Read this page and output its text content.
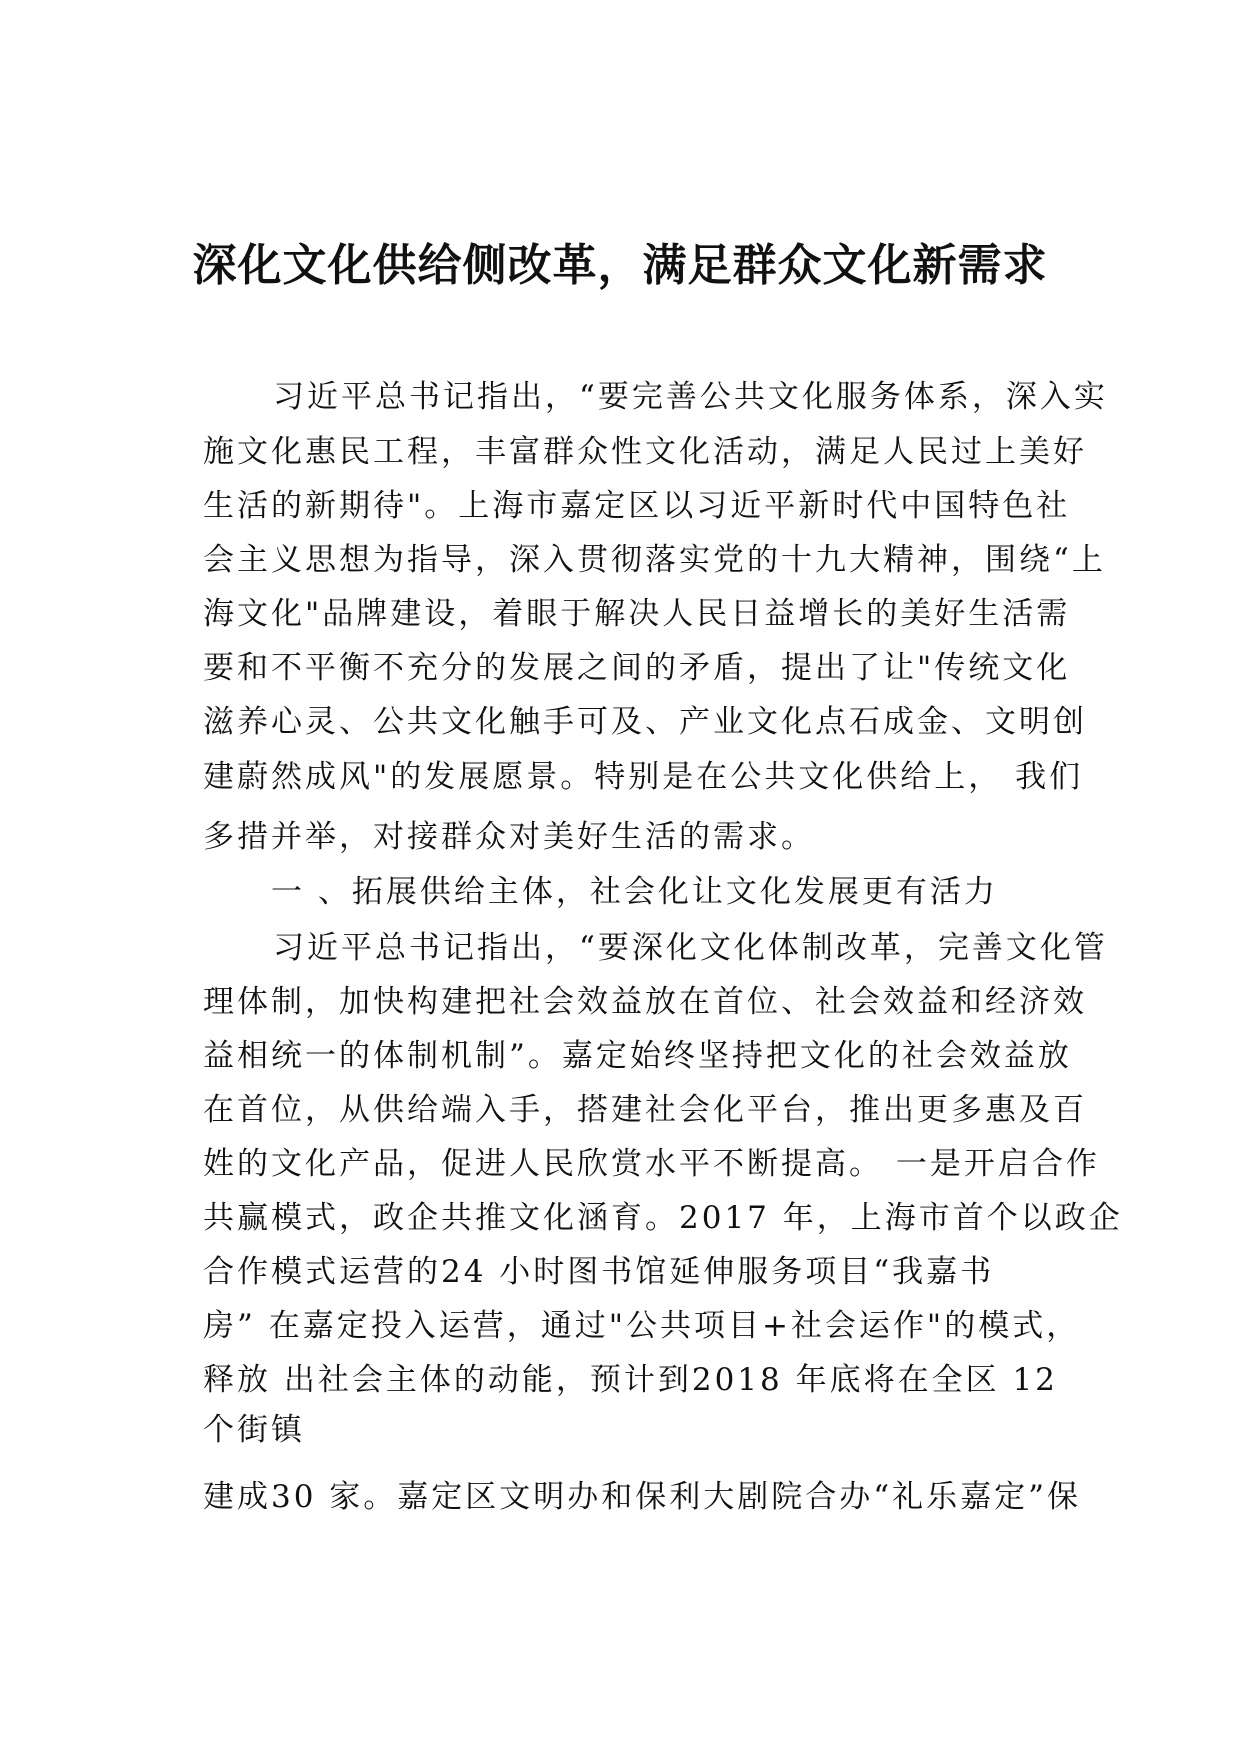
深化文化供给侧改革，满足群众文化新需求
习近平总书记指出，“要完善公共文化服务体系，深入实
施文化惠民工程，丰富群众性文化活动，满足人民过上美好
生活的新期待"。上海市嘉定区以习近平新时代中国特色社
会主义思想为指导，深入贯彻落实党的十九大精神，围绕“上
海文化"品牌建设，着眼于解决人民日益增长的美好生活需
要和不平衡不充分的发展之间的矛盾，提出了让"传统文化
滋养心灵、公共文化触手可及、产业文化点石成金、文明创
建蔚然成风"的发展愿景。特别是在公共文化供给上， 我们
多措并举，对接群众对美好生活的需求。
一 、拓展供给主体，社会化让文化发展更有活力
习近平总书记指出，“要深化文化体制改革，完善文化管
理体制，加快构建把社会效益放在首位、社会效益和经济效
益相统一的体制机制”。嘉定始终坚持把文化的社会效益放
在首位，从供给端入手，搭建社会化平台，推出更多惠及百
姓的文化产品，促进人民欣赏水平不断提高。 一是开启合作
共赢模式，政企共推文化涵育。2017 年，上海市首个以政企
合作模式运营的24 小时图书馆延伸服务项目“我嘉书
房” 在嘉定投入运营，通过"公共项目+社会运作"的模式，
释放 出社会主体的动能，预计到2018 年底将在全区 12
个街镇
建成30 家。嘉定区文明办和保利大剧院合办“礼乐嘉定”保
